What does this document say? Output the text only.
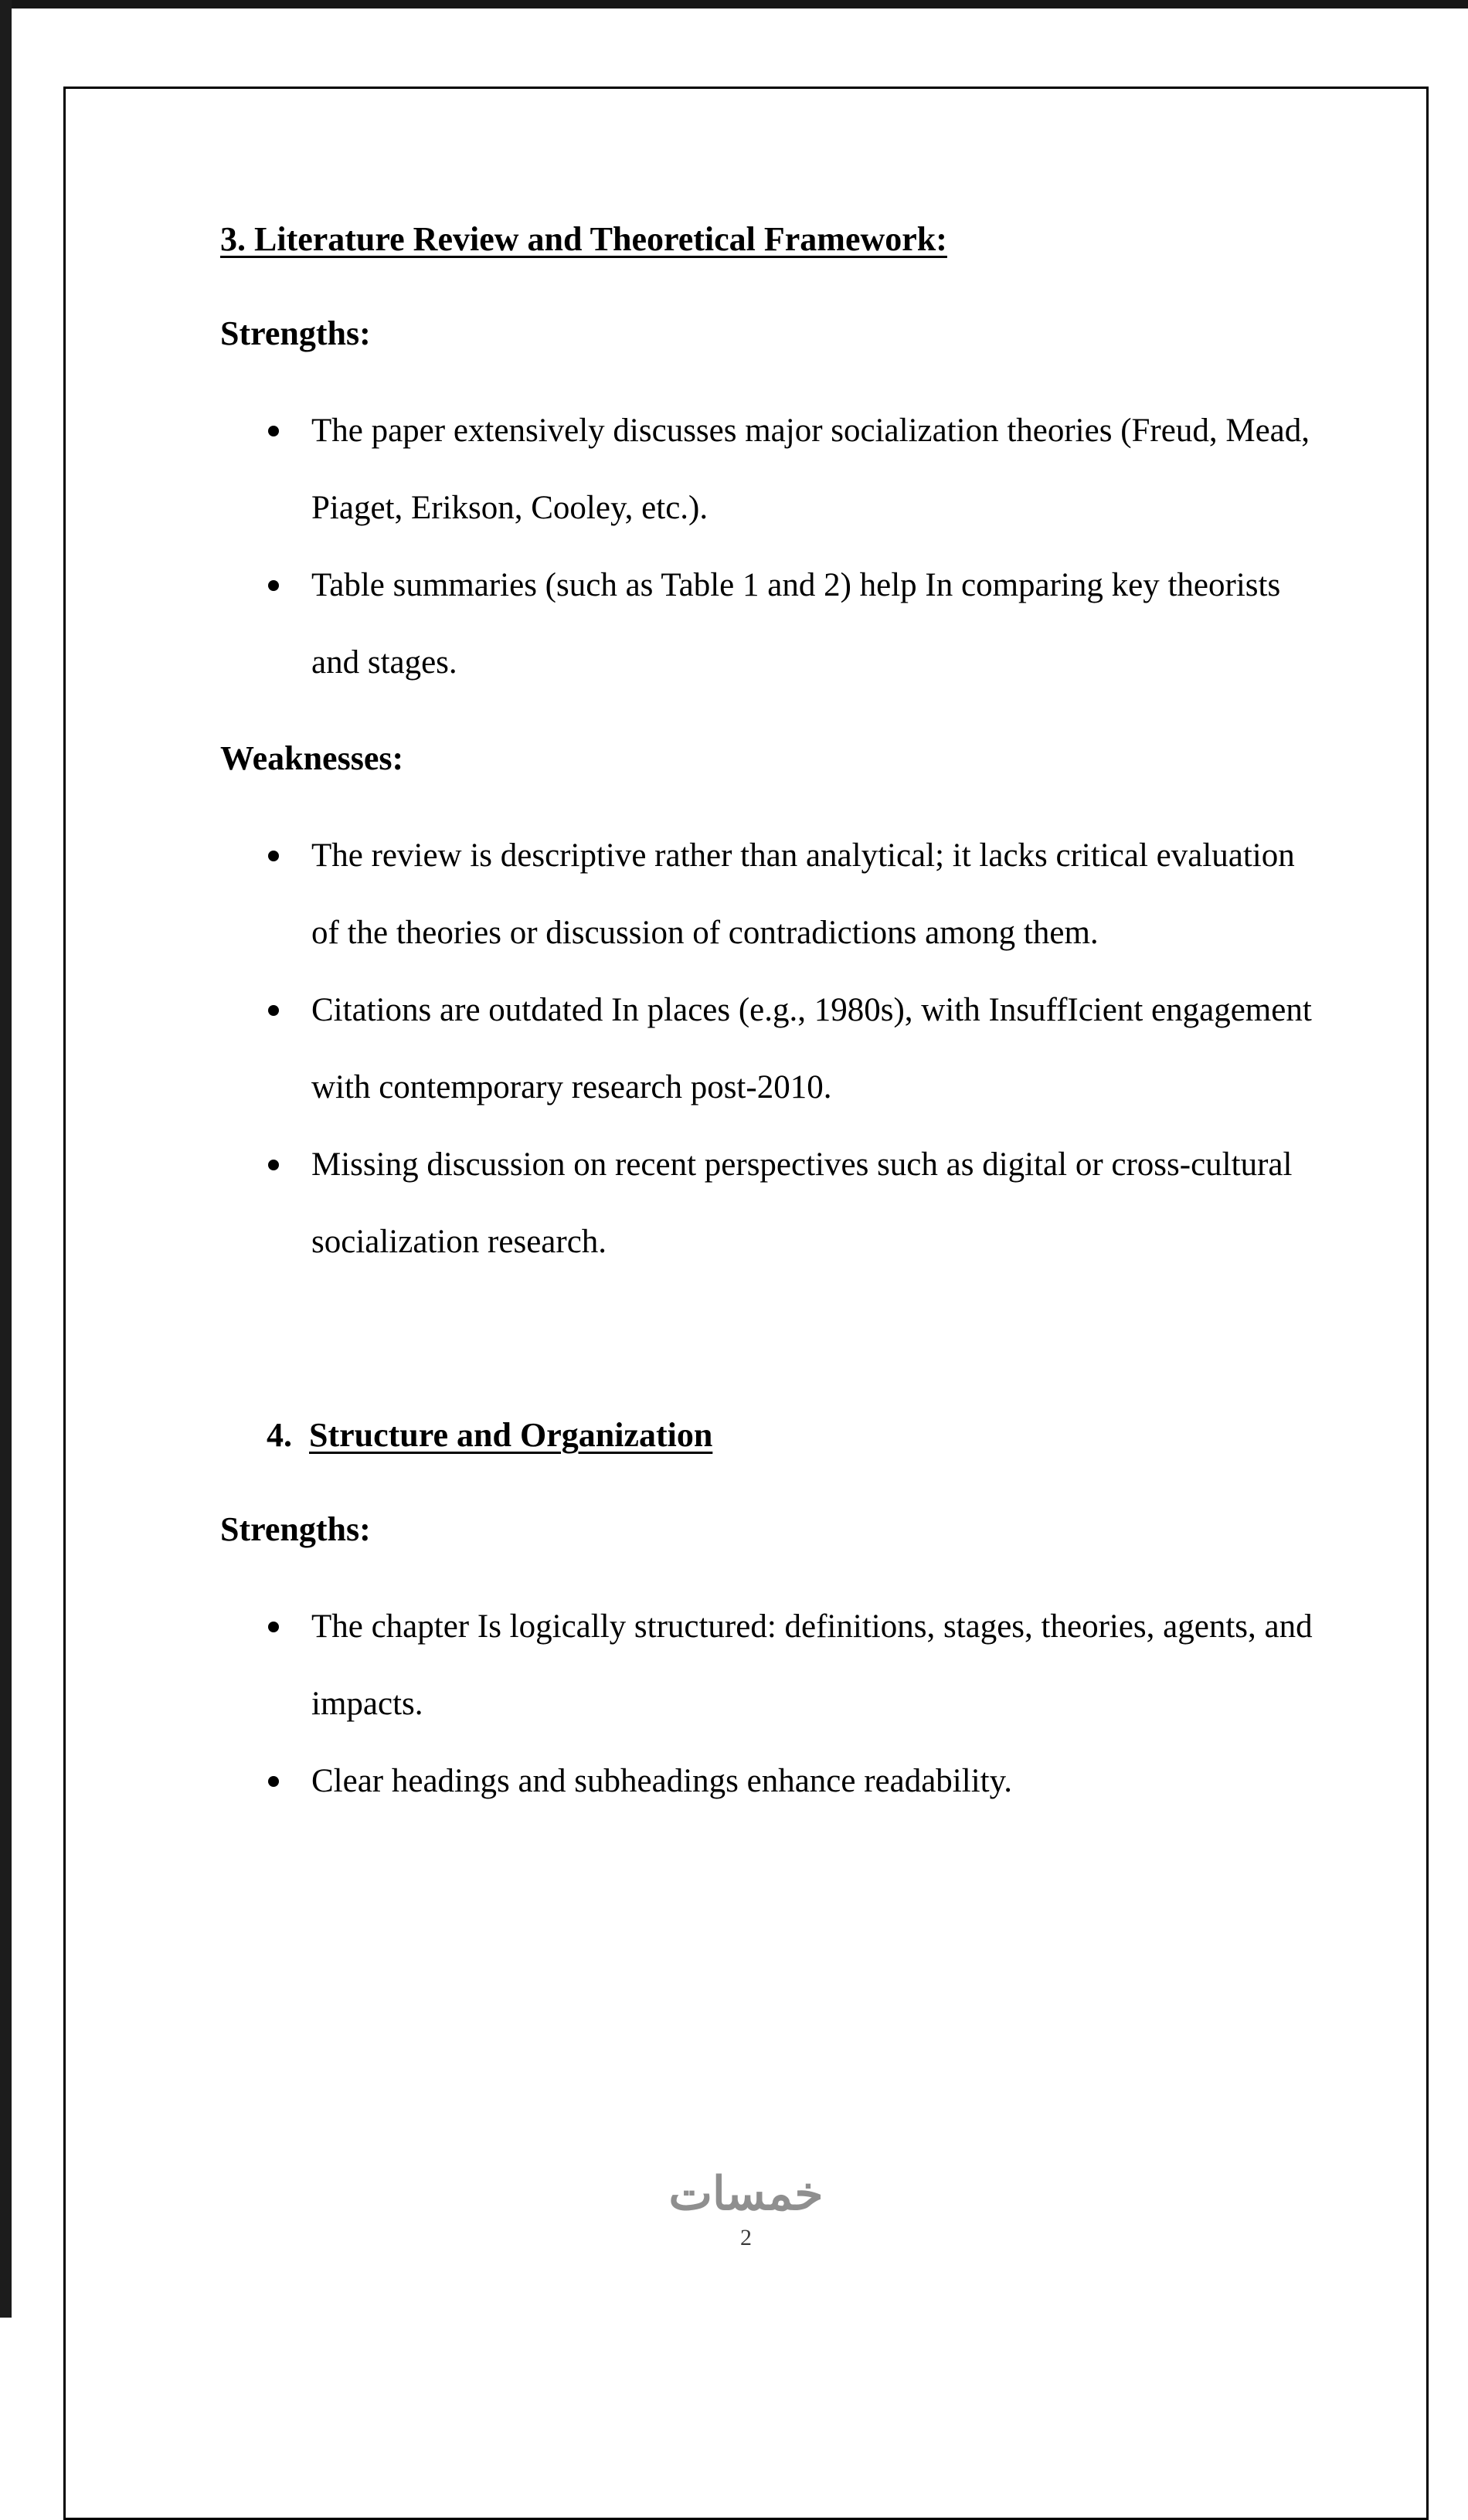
3. Literature Review and Theoretical Framework:
Strengths:
The paper extensively discusses major socialization theories (Freud, Mead, Piaget, Erikson, Cooley, etc.).
Table summaries (such as Table 1 and 2) help In comparing key theorists and stages.
Weaknesses:
The review is descriptive rather than analytical; it lacks critical evaluation of the theories or discussion of contradictions among them.
Citations are outdated In places (e.g., 1980s), with InsuffIcient engagement with contemporary research post-2010.
Missing discussion on recent perspectives such as digital or cross-cultural socialization research.
4. Structure and Organization
Strengths:
The chapter Is logically structured: definitions, stages, theories, agents, and impacts.
Clear headings and subheadings enhance readability.
خمسات
2
